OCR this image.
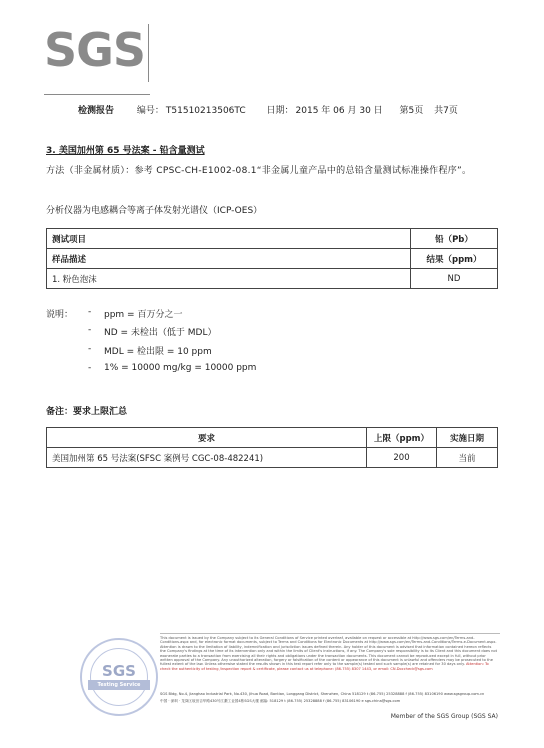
SGS
检测报告	编号： T51510213506TC 日期： 2015 年 06 月 30 日 第5页 共7页
3. 美国加州第 65 号法案 - 铅含量测试
方法（非金属材质）：参考 CPSC-CH-E1002-08.1“非金属儿童产品中的总铅含量测试标准操作程序”。
分析仪器为电感耦合等离子体发射光谱仪（ICP-OES）
测试项目	铅（Pb）
样品描述	结果（ppm）
1. 粉色泡沫	ND
说明： - ppm = 百万分之一
- ND = 未检出（低于 MDL）
- MDL = 检出限 = 10 ppm
- 1% = 10000 mg/kg = 10000 ppm
备注：要求上限汇总
要求	上限（ppm）	实施日期
美国加州第 65 号法案(SFSC 案例号 CGC-08-482241)	200	当前
SGS
Testing Service
This document is issued by the Company subject to its General Conditions of Service printed overleaf, available on request or accessible at http://www.sgs.com/en/Terms-and-Conditions.aspx and, for electronic format documents, subject to Terms and Conditions for Electronic Documents at http://www.sgs.com/en/Terms-and-Conditions/Terms-e-Document.aspx. Attention is drawn to the limitation of liability, indemnification and jurisdiction issues defined therein. Any holder of this document is advised that information contained hereon reflects the Company's findings at the time of its intervention only and within the limits of Client's instructions, if any. The Company's sole responsibility is to its Client and this document does not exonerate parties to a transaction from exercising all their rights and obligations under the transaction documents. This document cannot be reproduced except in full, without prior written approval of the Company. Any unauthorized alteration, forgery or falsification of the content or appearance of this document is unlawful and offenders may be prosecuted to the fullest extent of the law. Unless otherwise stated the results shown in this test report refer only to the sample(s) tested and such sample(s) are retained for 30 days only. Attention: To check the authenticity of testing /inspection report & certificate, please contact us at telephone: (86-755) 8307 1443, or email: CN.Doccheck@sgs.com
SGS Bldg, No.4, Jianghao Industrial Park, No.430, Jihua Road, Bantian, Longgang District, Shenzhen, China 518129 t (86-755) 25328888 f (86-755) 83106190 www.sgsgroup.com.cn
中国 · 深圳 · 龙岗区坂田吉华路430号江灏工业园4栋SGS大楼 邮编: 518129 t (86-755) 25328888 f (86-755) 83106190 e sgs.china@sgs.com
Member of the SGS Group (SGS SA)
